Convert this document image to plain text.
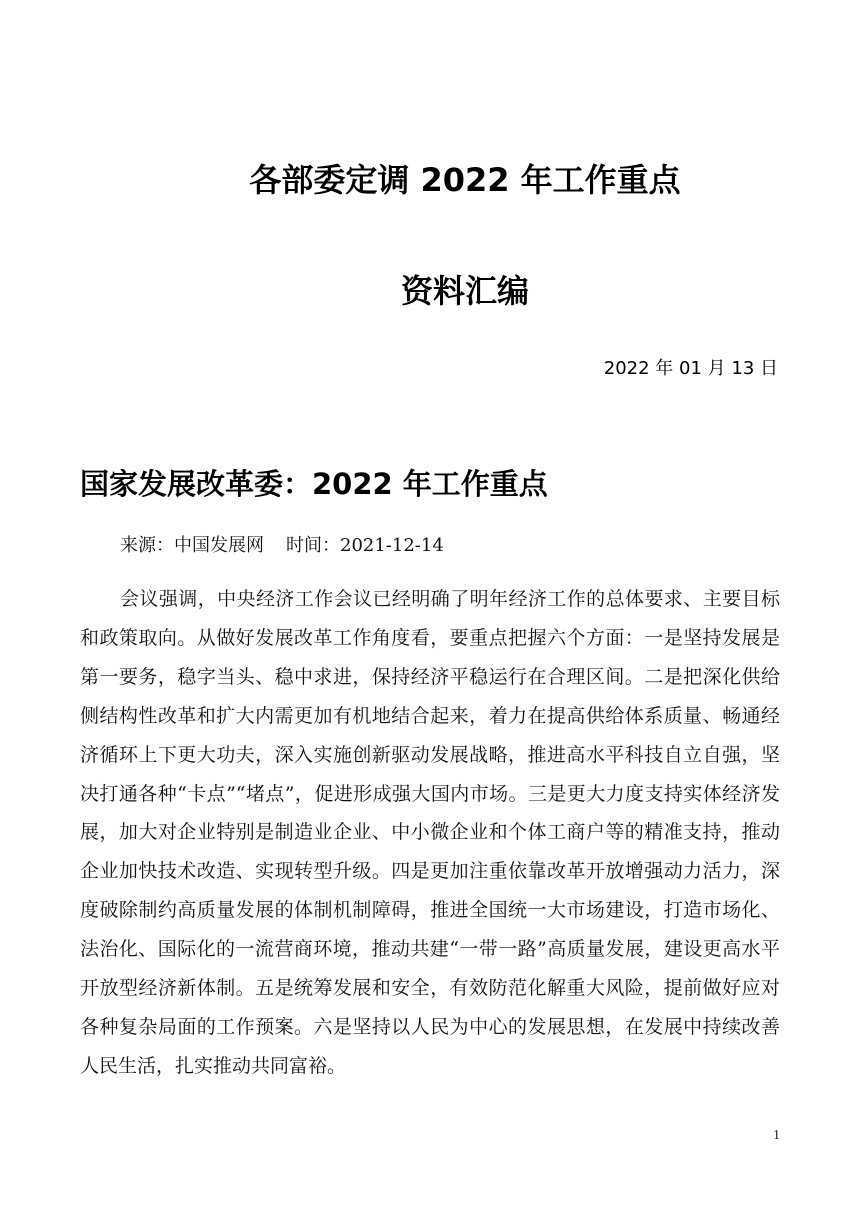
各部委定调 2022 年工作重点
资料汇编
2022 年 01 月 13 日
国家发展改革委：2022 年工作重点
来源：中国发展网 时间：2021-12-14

会议强调，中央经济工作会议已经明确了明年经济工作的总体要求、主要目标和政策取向。从做好发展改革工作角度看，要重点把握六个方面：一是坚持发展是第一要务，稳字当头、稳中求进，保持经济平稳运行在合理区间。二是把深化供给侧结构性改革和扩大内需更加有机地结合起来，着力在提高供给体系质量、畅通经济循环上下更大功夫，深入实施创新驱动发展战略，推进高水平科技自立自强，坚决打通各种“卡点”“堵点”，促进形成强大国内市场。三是更大力度支持实体经济发展，加大对企业特别是制造业企业、中小微企业和个体工商户等的精准支持，推动企业加快技术改造、实现转型升级。四是更加注重依靠改革开放增强动力活力，深度破除制约高质量发展的体制机制障碍，推进全国统一大市场建设，打造市场化、法治化、国际化的一流营商环境，推动共建“一带一路”高质量发展，建设更高水平开放型经济新体制。五是统筹发展和安全，有效防范化解重大风险，提前做好应对各种复杂局面的工作预案。六是坚持以人民为中心的发展思想，在发展中持续改善人民生活，扎实推动共同富裕。

1
